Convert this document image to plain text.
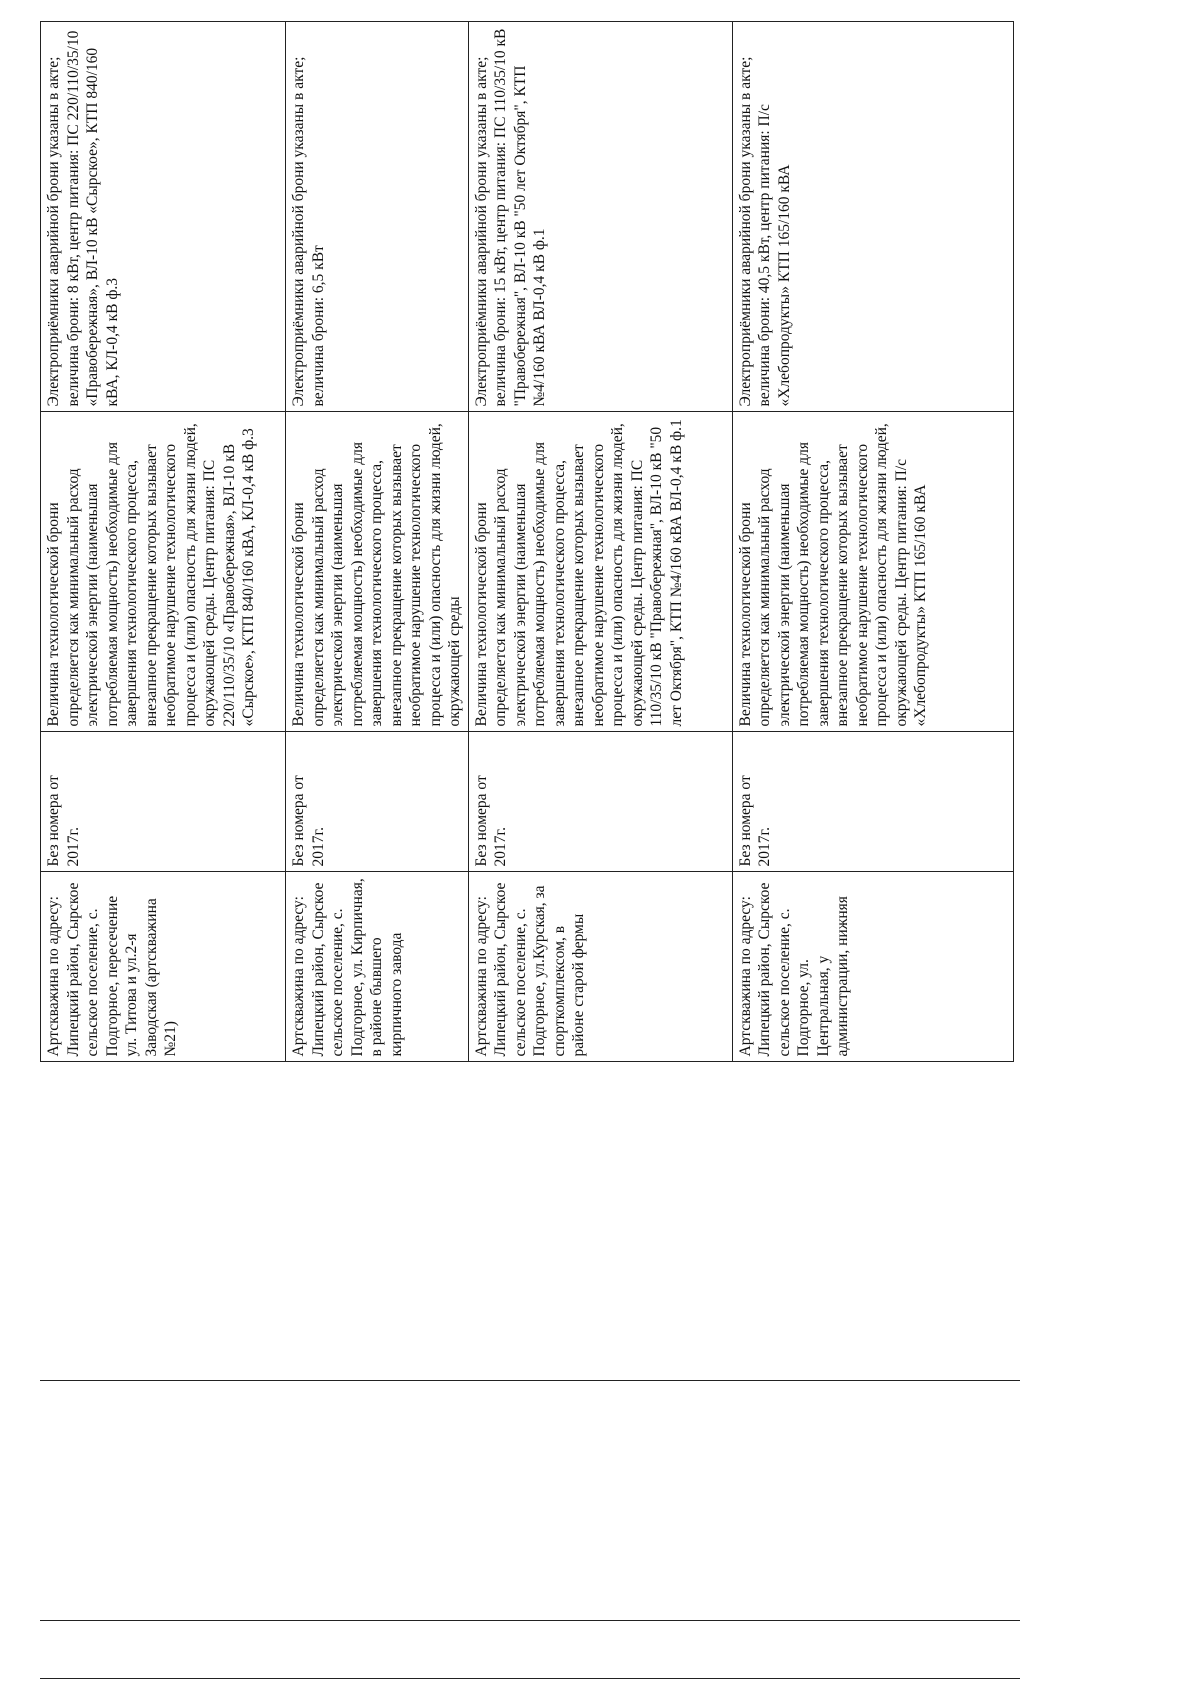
	Артскважина по адресу: Липецкий район, Сырское сельское поселение, с. Подгорное, пересечение ул. Титова и ул.2-я Заводская (артскважина №21)	Без номера от 2017г.	Величина технологической брони определяется как минимальный расход электрической энергии (наименьшая потребляемая мощность) необходимые для завершения технологического процесса, внезапное прекращение которых вызывает необратимое нарушение технологического процесса и (или) опасность для жизни людей, окружающей среды. Центр питания: ПС 220/110/35/10 «Правобережная», ВЛ-10 кВ «Сырское», КТП 840/160 кВА, КЛ-0,4 кВ ф.3	Электроприёмники аварийной брони указаны в акте; величина брони: 8 кВт, центр питания: ПС 220/110/35/10 «Правобережная», ВЛ-10 кВ «Сырское», КТП 840/160 кВА, КЛ-0,4 кВ ф.3
	Артскважина по адресу: Липецкий район, Сырское сельское поселение, с. Подгорное, ул. Кирпичная, в районе бывшего кирпичного завода	Без номера от 2017г.	Величина технологической брони определяется как минимальный расход электрической энергии (наименьшая потребляемая мощность) необходимые для завершения технологического процесса, внезапное прекращение которых вызывает необратимое нарушение технологического процесса и (или) опасность для жизни людей, окружающей среды	Электроприёмники аварийной брони указаны в акте; величина брони: 6,5 кВт
	Артскважина по адресу: Липецкий район, Сырское сельское поселение, с. Подгорное, ул.Курская, за спорткомплексом, в районе старой фермы	Без номера от 2017г.	Величина технологической брони определяется как минимальный расход электрической энергии (наименьшая потребляемая мощность) необходимые для завершения технологического процесса, внезапное прекращение которых вызывает необратимое нарушение технологического процесса и (или) опасность для жизни людей, окружающей среды. Центр питания: ПС 110/35/10 кВ "Правобережная", ВЛ-10 кВ "50 лет Октября", КТП №4/160 кВА ВЛ-0,4 кВ ф.1	Электроприёмники аварийной брони указаны в акте; величина брони: 15 кВт, центр питания: ПС 110/35/10 кВ "Правобережная", ВЛ-10 кВ "50 лет Октября", КТП №4/160 кВА ВЛ-0,4 кВ ф.1
	Артскважина по адресу: Липецкий район, Сырское сельское поселение, с. Подгорное, ул. Центральная, у администрации, нижняя	Без номера от 2017г.	Величина технологической брони определяется как минимальный расход электрической энергии (наименьшая потребляемая мощность) необходимые для завершения технологического процесса, внезапное прекращение которых вызывает необратимое нарушение технологического процесса и (или) опасность для жизни людей, окружающей среды. Центр питания: П/с «Хлебопродукты» КТП 165/160 кВА	Электроприёмники аварийной брони указаны в акте; величина брони: 40,5 кВт, центр питания: П/с «Хлебопродукты» КТП 165/160 кВА
